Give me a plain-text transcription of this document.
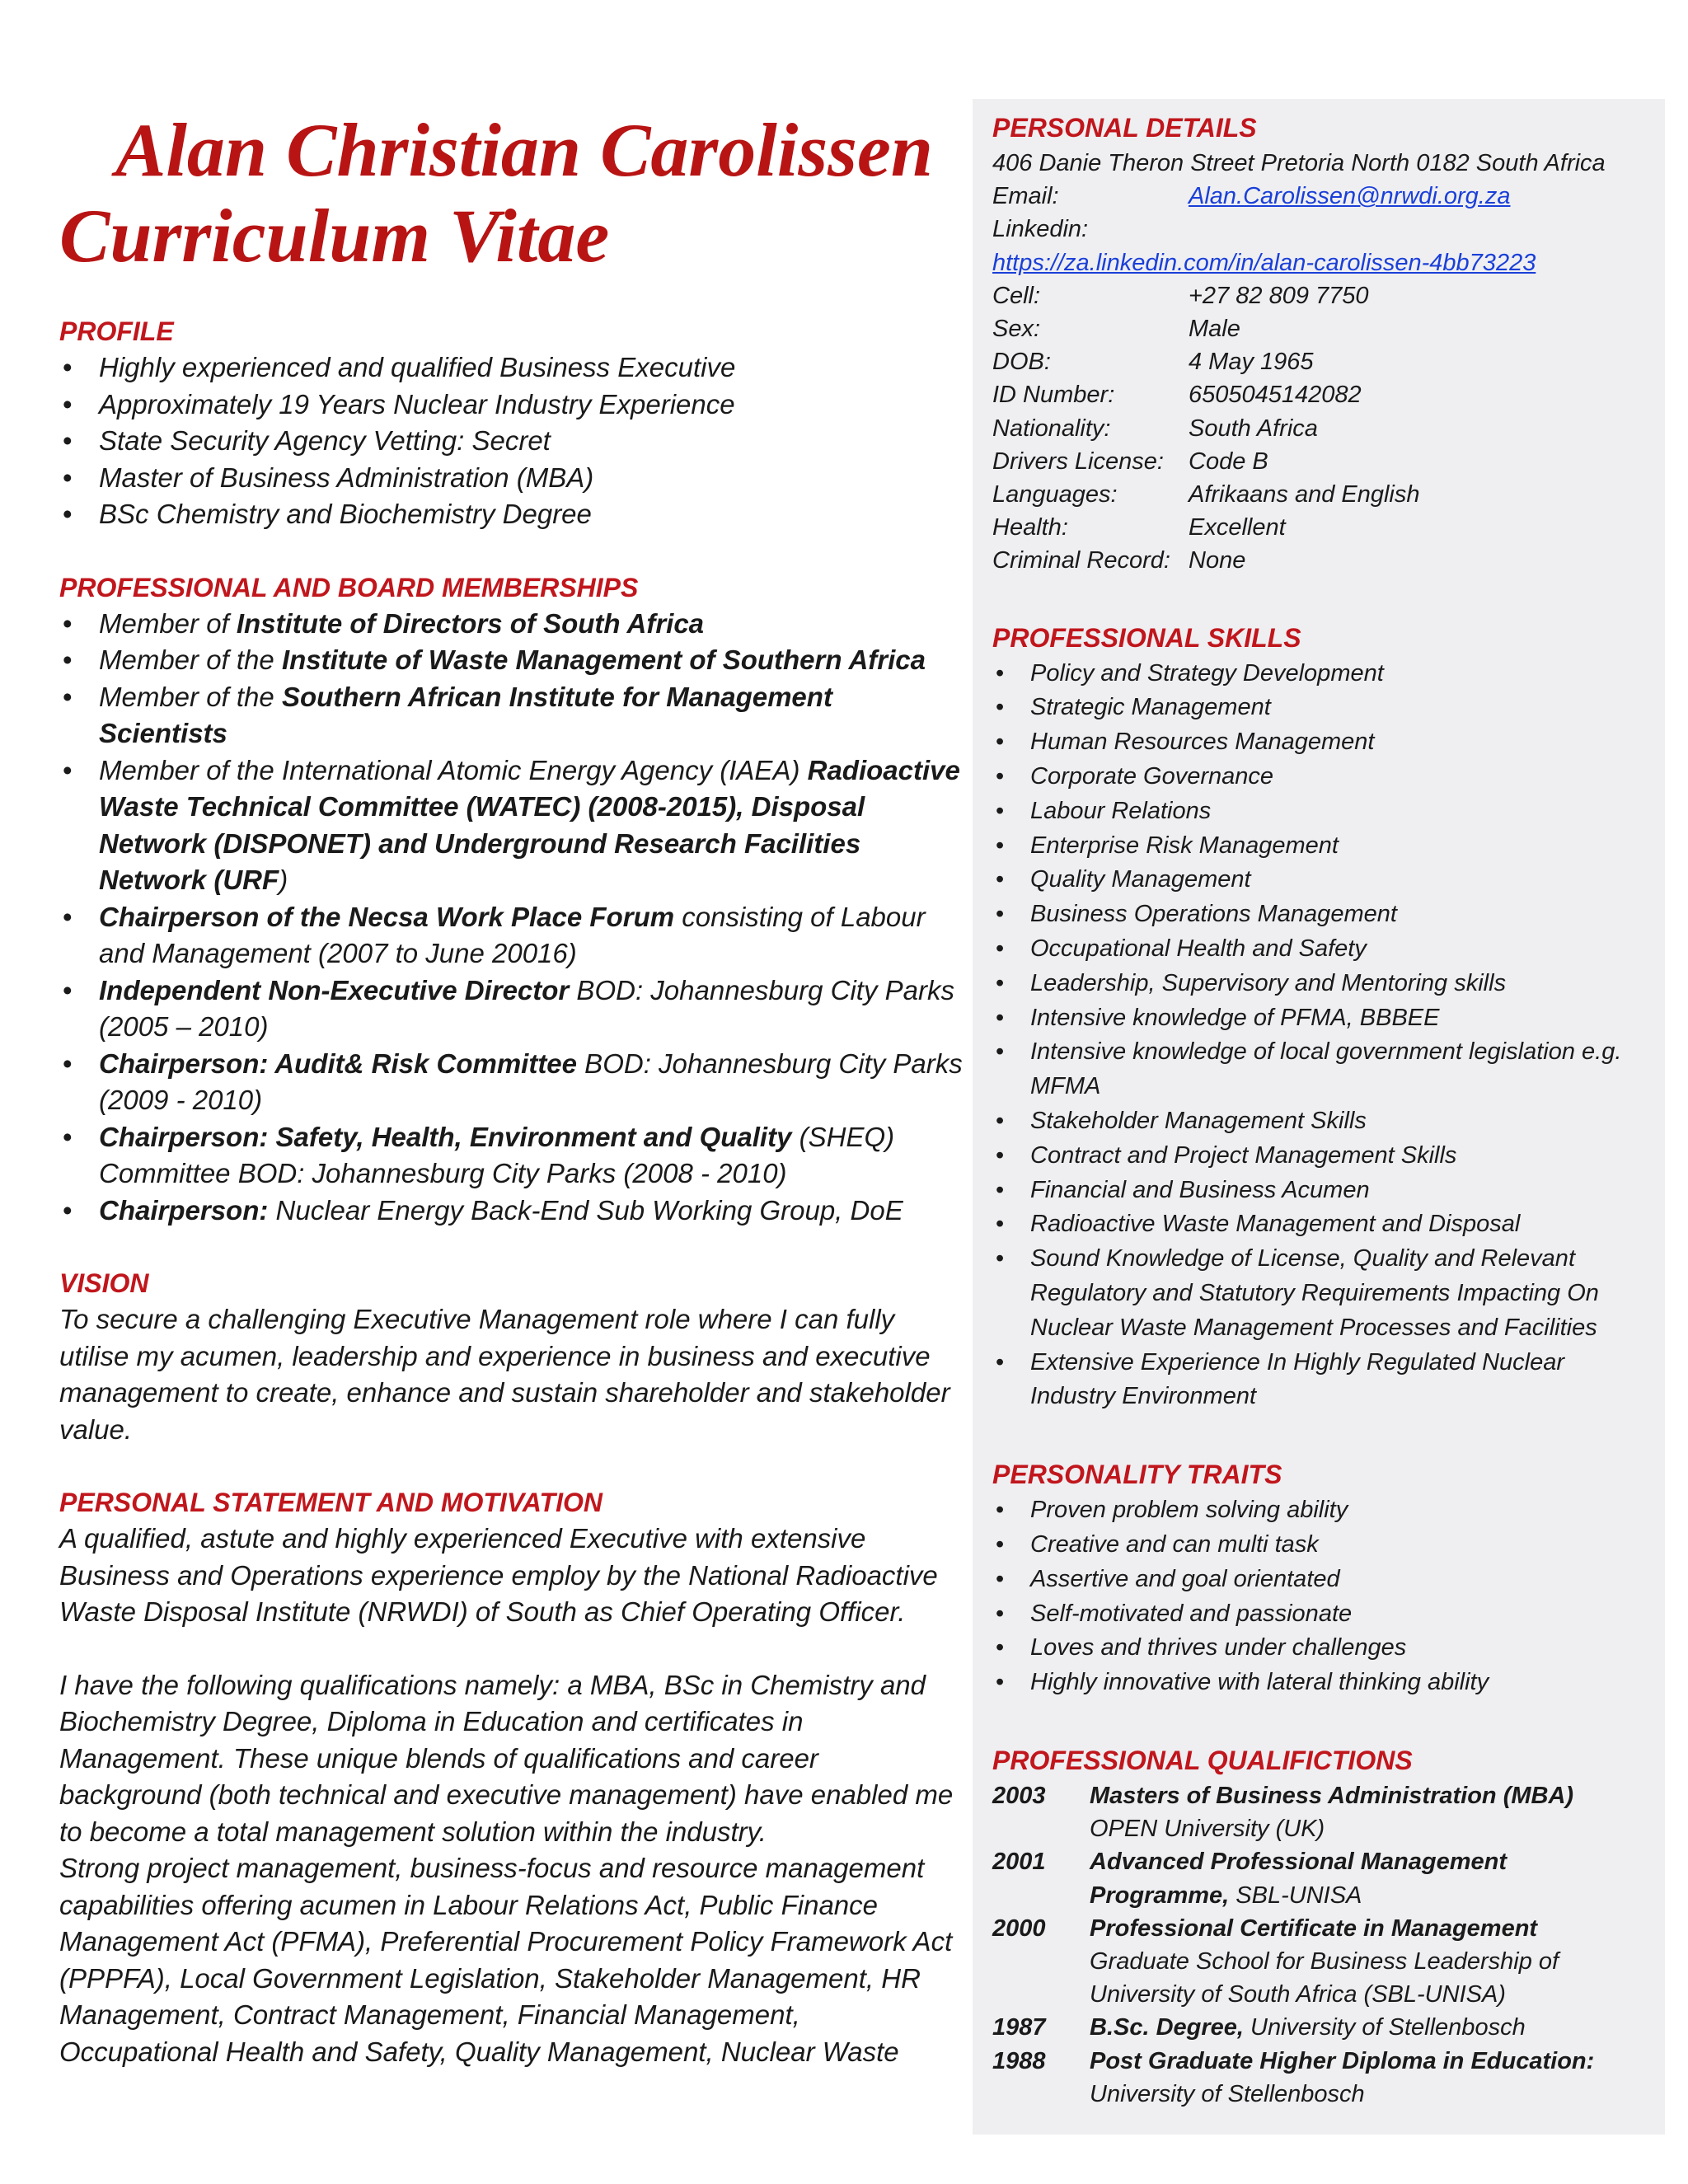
Alan Christian Carolissen
Curriculum Vitae
PROFILE
• Highly experienced and qualified Business Executive
• Approximately 19 Years Nuclear Industry Experience
• State Security Agency Vetting: Secret
• Master of Business Administration (MBA)
• BSc Chemistry and Biochemistry Degree
PROFESSIONAL AND BOARD MEMBERSHIPS
• Member of Institute of Directors of South Africa
• Member of the Institute of Waste Management of Southern Africa
• Member of the Southern African Institute for Management Scientists
• Member of the International Atomic Energy Agency (IAEA) Radioactive Waste Technical Committee (WATEC) (2008-2015), Disposal Network (DISPONET) and Underground Research Facilities Network (URF)
• Chairperson of the Necsa Work Place Forum consisting of Labour and Management (2007 to June 20016)
• Independent Non-Executive Director BOD: Johannesburg City Parks (2005 – 2010)
• Chairperson: Audit& Risk Committee BOD: Johannesburg City Parks (2009 - 2010)
• Chairperson: Safety, Health, Environment and Quality (SHEQ) Committee BOD: Johannesburg City Parks (2008 - 2010)
• Chairperson: Nuclear Energy Back-End Sub Working Group, DoE
VISION

To secure a challenging Executive Management role where I can fully utilise my acumen, leadership and experience in business and executive management to create, enhance and sustain shareholder and stakeholder value.

PERSONAL STATEMENT AND MOTIVATION

A qualified, astute and highly experienced Executive with extensive Business and Operations experience employ by the National Radioactive Waste Disposal Institute (NRWDI) of South as Chief Operating Officer.

I have the following qualifications namely: a MBA, BSc in Chemistry and Biochemistry Degree, Diploma in Education and certificates in Management. These unique blends of qualifications and career background (both technical and executive management) have enabled me to become a total management solution within the industry.

Strong project management, business-focus and resource management capabilities offering acumen in Labour Relations Act, Public Finance Management Act (PFMA), Preferential Procurement Policy Framework Act (PPPFA), Local Government Legislation, Stakeholder Management, HR Management, Contract Management, Financial Management, Occupational Health and Safety, Quality Management, Nuclear Waste

PERSONAL DETAILS

406 Danie Theron Street Pretoria North 0182 South Africa

Email:	Alan.Carolissen@nrwdi.org.za

Linkedin:

https://za.linkedin.com/in/alan-carolissen-4bb73223

Cell:	+27 82 809 7750
Sex:	Male
DOB:	4 May 1965
ID Number:	6505045142082
Nationality:	South Africa
Drivers License:	Code B
Languages:	Afrikaans and English
Health:	Excellent
Criminal Record: None
PROFESSIONAL SKILLS
• Policy and Strategy Development
• Strategic Management
• Human Resources Management
• Corporate Governance
• Labour Relations
• Enterprise Risk Management
• Quality Management
• Business Operations Management
• Occupational Health and Safety
• Leadership, Supervisory and Mentoring skills
• Intensive knowledge of PFMA, BBBEE
• Intensive knowledge of local government legislation e.g. MFMA
• Stakeholder Management Skills
• Contract and Project Management Skills
• Financial and Business Acumen
• Radioactive Waste Management and Disposal
• Sound Knowledge of License, Quality and Relevant Regulatory and Statutory Requirements Impacting On Nuclear Waste Management Processes and Facilities
• Extensive Experience In Highly Regulated Nuclear Industry Environment
PERSONALITY TRAITS
• Proven problem solving ability
• Creative and can multi task
• Assertive and goal orientated
• Self-motivated and passionate
• Loves and thrives under challenges
• Highly innovative with lateral thinking ability
PROFESSIONAL QUALIFICTIONS
2003	Masters of Business Administration (MBA)
OPEN University (UK)
2001	Advanced Professional Management Programme, SBL-UNISA
2000	Professional Certificate in Management
Graduate School for Business Leadership of University of South Africa (SBL-UNISA)
1987	B.Sc. Degree, University of Stellenbosch
1988	Post Graduate Higher Diploma in Education:
University of Stellenbosch
